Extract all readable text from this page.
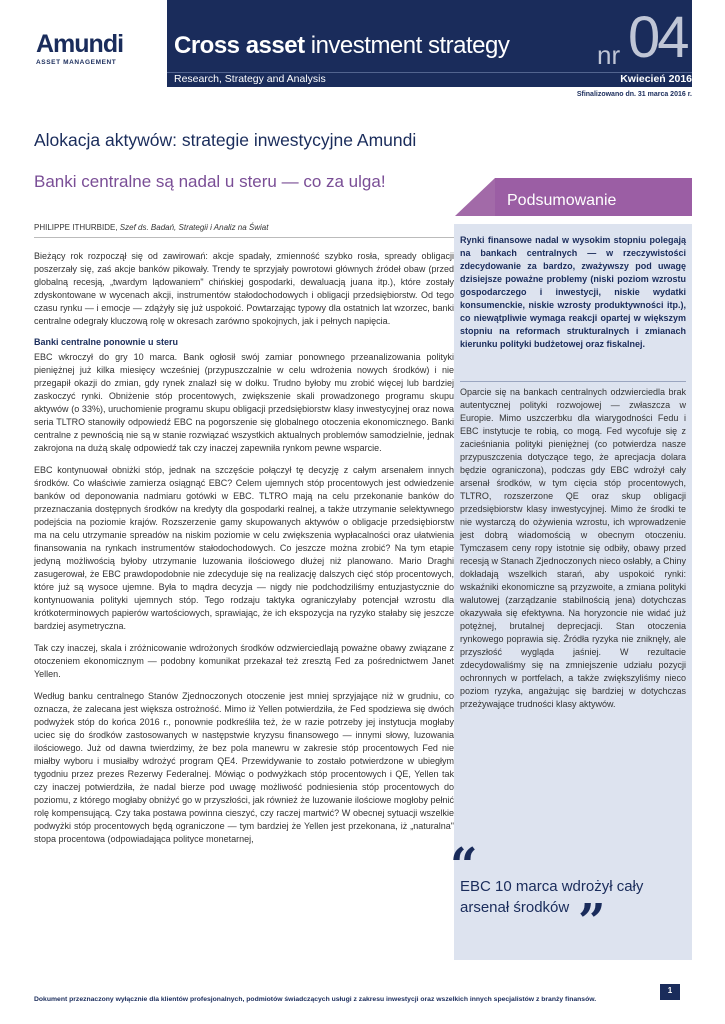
Amundi
ASSET MANAGEMENT
Cross asset investment strategy	nr 04
Research, Strategy and Analysis	Kwiecień 2016
Sfinalizowano dn. 31 marca 2016 r.
Alokacja aktywów: strategie inwestycyjne Amundi
Banki centralne są nadal u steru — co za ulga!
PHILIPPE ITHURBIDE, Szef ds. Badań, Strategii i Analiz na Świat

Bieżący rok rozpoczął się od zawirowań: akcje spadały, zmienność szybko rosła, spready obligacji poszerzały się, zaś akcje banków pikowały. Trendy te sprzyjały powrotowi głównych źródeł obaw (przed globalną recesją, „twardym lądowaniem" chińskiej gospodarki, dewaluacją juana itp.), które zostały zdyskontowane w wycenach akcji, instrumentów stałodochodowych i obligacji przedsiębiorstw. Od tego czasu rynku — i emocje — zdążyły się już uspokoić. Powtarzając typowy dla ostatnich lat wzorzec, banki centralne odegrały kluczową rolę w okresach zarówno spokojnych, jak i pełnych napięcia.

Banki centralne ponownie u steru

EBC wkroczył do gry 10 marca. Bank ogłosił swój zamiar ponownego przeanalizowania polityki pieniężnej już kilka miesięcy wcześniej (przypuszczalnie w celu wdrożenia nowych środków) i nie przegapił okazji do zmian, gdy rynek znalazł się w dołku. Trudno byłoby mu zrobić więcej lub bardziej zaskoczyć rynki. Obniżenie stóp procentowych, zwiększenie skali prowadzonego programu skupu aktywów (o 33%), uruchomienie programu skupu obligacji przedsiębiorstw klasy inwestycyjnej oraz nowa seria TLTRO stanowiły odpowiedź EBC na pogorszenie się globalnego otoczenia ekonomicznego. Banki centralne z pewnością nie są w stanie rozwiązać wszystkich aktualnych problemów samodzielnie, jednak zakrojona na dużą skalę odpowiedź tak czy inaczej zapewniła rynkom pewne wsparcie.

EBC kontynuował obniżki stóp, jednak na szczęście połączył tę decyzję z całym arsenałem innych środków. Co właściwie zamierza osiągnąć EBC? Celem ujemnych stóp procentowych jest odwiedzenie banków od deponowania nadmiaru gotówki w EBC. TLTRO mają na celu przekonanie banków do przeznaczania dostępnych środków na kredyty dla gospodarki realnej, a także utrzymanie selektywnego podejścia na poziomie krajów. Rozszerzenie gamy skupowanych aktywów o obligacje przedsiębiorstw ma na celu utrzymanie spreadów na niskim poziomie w celu zwiększenia wypłacalności oraz ułatwienia finansowania na rynkach instrumentów stałodochodowych. Co jeszcze można zrobić? Na tym etapie jedyną możliwością byłoby utrzymanie luzowania ilościowego dłużej niż planowano. Mario Draghi zasugerował, że EBC prawdopodobnie nie zdecyduje się na realizację dalszych cięć stóp procentowych, które już są wysoce ujemne. Była to mądra decyzja — nigdy nie podchodziliśmy entuzjastycznie do kontynuowania polityki ujemnych stóp. Tego rodzaju taktyka ograniczyłaby potencjał wzrostu dla krótkoterminowych papierów wartościowych, sprawiając, że ich ekspozycja na ryzyko stałaby się jeszcze bardziej asymetryczna.

Tak czy inaczej, skala i zróżnicowanie wdrożonych środków odzwierciedlają poważne obawy związane z otoczeniem ekonomicznym — podobny komunikat przekazał też zresztą Fed za pośrednictwem Janet Yellen.

Według banku centralnego Stanów Zjednoczonych otoczenie jest mniej sprzyjające niż w grudniu, co oznacza, że zalecana jest większa ostrożność. Mimo iż Yellen potwierdziła, że Fed spodziewa się dwóch podwyżek stóp do końca 2016 r., ponownie podkreśliła też, że w razie potrzeby jej instytucja mogłaby uciec się do środków zastosowanych w następstwie kryzysu finansowego — innymi słowy, luzowania ilościowego. Już od dawna twierdzimy, że bez pola manewru w zakresie stóp procentowych Fed nie miałby wyboru i musiałby wdrożyć program QE4. Przewidywanie to zostało potwierdzone w ubiegłym tygodniu przez prezes Rezerwy Federalnej. Mówiąc o podwyżkach stóp procentowych i QE, Yellen tak czy inaczej potwierdziła, że nadal bierze pod uwagę możliwość podniesienia stóp procentowych do poziomu, z którego mogłaby obniżyć go w przyszłości, jak również że luzowanie ilościowe mogłoby pełnić rolę kompensującą. Czy taka postawa powinna cieszyć, czy raczej martwić? W obecnej sytuacji wszelkie podwyżki stóp procentowych będą ograniczone — tym bardziej że Yellen jest przekonana, iż „naturalna" stopa procentowa (odpowiadająca polityce monetarnej,

Podsumowanie
Rynki finansowe nadal w wysokim stopniu polegają na bankach centralnych — w rzeczywistości zdecydowanie za bardzo, zważywszy pod uwagę dzisiejsze poważne problemy (niski poziom wzrostu gospodarczego i inwestycji, niskie wydatki konsumenckie, niskie wzrosty produktywności itp.), co niewątpliwie wymaga reakcji opartej w większym stopniu na reformach strukturalnych i zmianach kierunku polityki budżetowej oraz fiskalnej.
Oparcie się na bankach centralnych odzwierciedla brak autentycznej polityki rozwojowej — zwłaszcza w Europie. Mimo uszczerbku dla wiarygodności Fedu i EBC instytucje te robią, co mogą. Fed wycofuje się z zacieśniania polityki pieniężnej (co potwierdza nasze przypuszczenia dotyczące tego, że aprecjacja dolara będzie ograniczona), podczas gdy EBC wdrożył cały arsenał środków, w tym cięcia stóp procentowych, TLTRO, rozszerzone QE oraz skup obligacji przedsiębiorstw klasy inwestycyjnej. Mimo że środki te nie wystarczą do ożywienia wzrostu, ich wprowadzenie jest dobrą wiadomością w obecnym otoczeniu. Tymczasem ceny ropy istotnie się odbiły, obawy przed recesją w Stanach Zjednoczonych nieco osłabły, a Chiny dokładają wszelkich starań, aby uspokoić rynki: wskaźniki ekonomiczne są przyzwoite, a zmiana polityki walutowej (zarządzanie stabilnością jena) dotychczas okazywała się efektywna. Na horyzoncie nie widać już potężnej, brutalnej deprecjacji. Stan otoczenia rynkowego poprawia się. Źródła ryzyka nie zniknęły, ale przyszłość wygląda jaśniej. W rezultacie zdecydowaliśmy się na zmniejszenie udziału pozycji ochronnych w portfelach, a także zwiększyliśmy nieco poziom ryzyka, angażując się bardziej w dotychczas przeżywające trudności klasy aktywów.
“
EBC 10 marca wdrożył cały arsenał środków ”
Dokument przeznaczony wyłącznie dla klientów profesjonalnych, podmiotów świadczących usługi z zakresu inwestycji oraz wszelkich innych specjalistów z branży finansów.
1
